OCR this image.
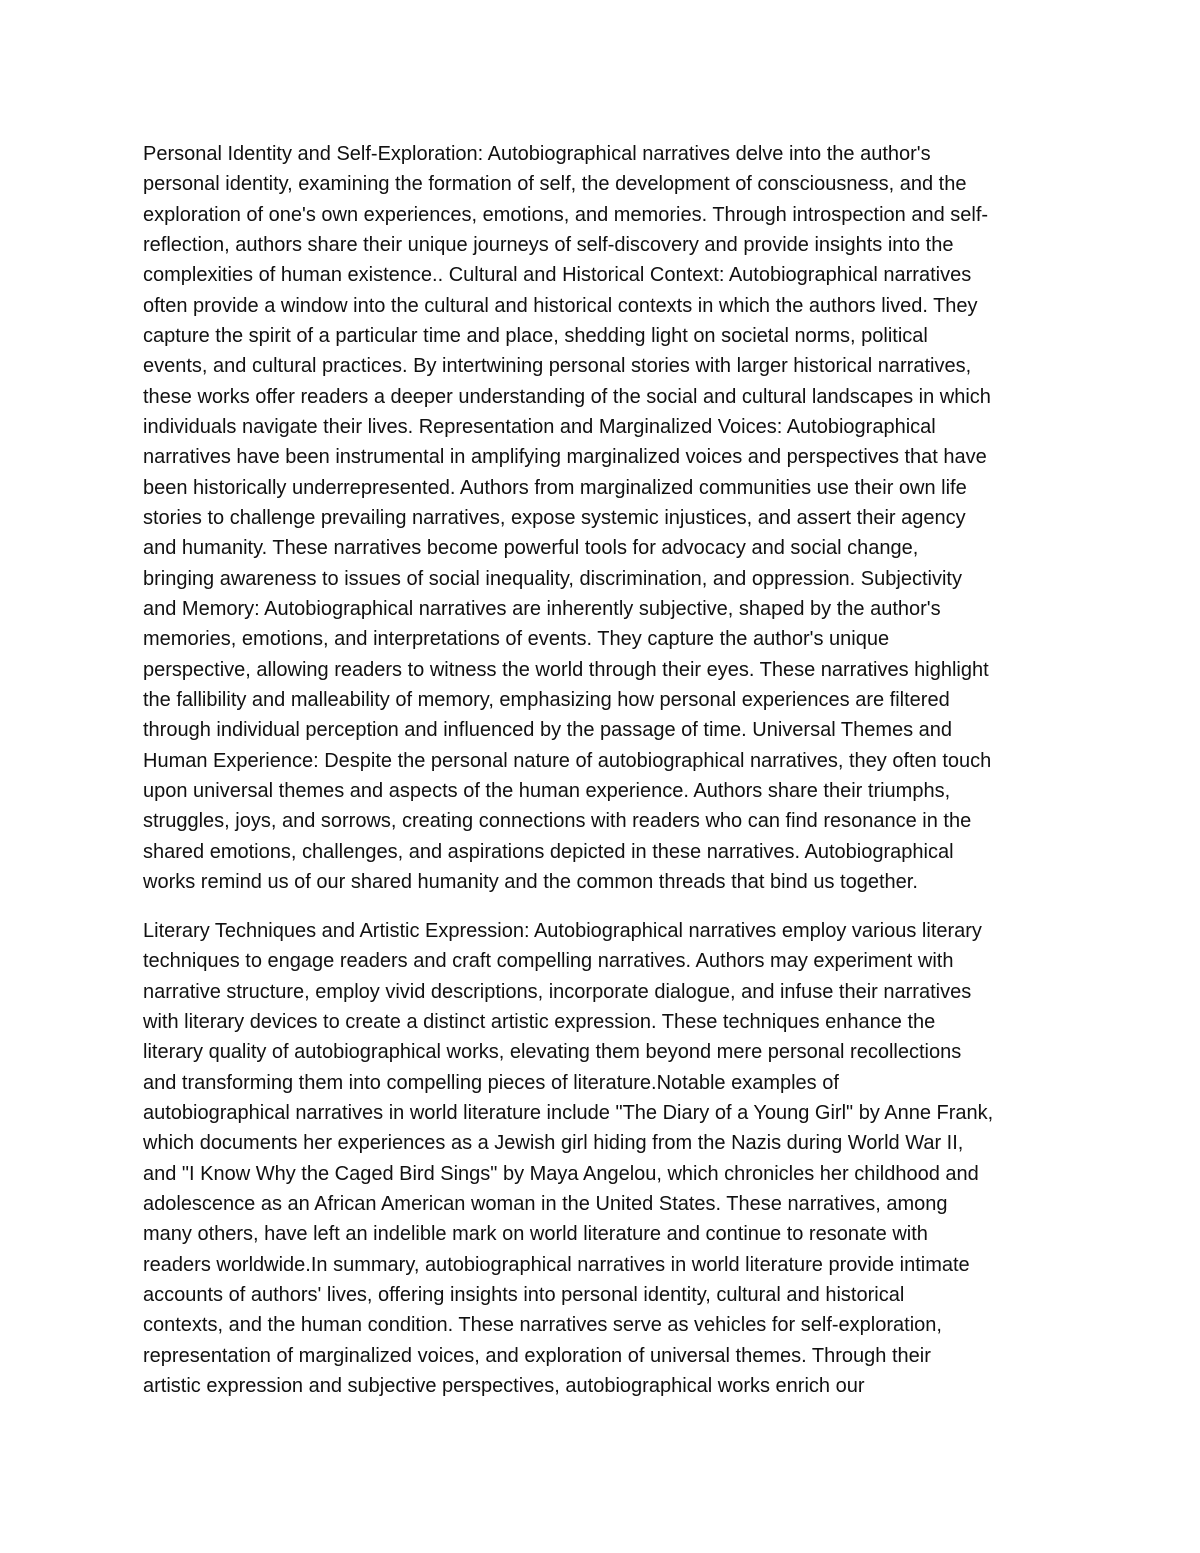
Personal Identity and Self-Exploration: Autobiographical narratives delve into the author's

personal identity, examining the formation of self, the development of consciousness, and the

exploration of one's own experiences, emotions, and memories. Through introspection and self-

reflection, authors share their unique journeys of self-discovery and provide insights into the

complexities of human existence.. Cultural and Historical Context: Autobiographical narratives

often provide a window into the cultural and historical contexts in which the authors lived. They

capture the spirit of a particular time and place, shedding light on societal norms, political

events, and cultural practices. By intertwining personal stories with larger historical narratives,

these works offer readers a deeper understanding of the social and cultural landscapes in which

individuals navigate their lives. Representation and Marginalized Voices: Autobiographical

narratives have been instrumental in amplifying marginalized voices and perspectives that have

been historically underrepresented. Authors from marginalized communities use their own life

stories to challenge prevailing narratives, expose systemic injustices, and assert their agency

and humanity. These narratives become powerful tools for advocacy and social change,

bringing awareness to issues of social inequality, discrimination, and oppression. Subjectivity

and Memory: Autobiographical narratives are inherently subjective, shaped by the author's

memories, emotions, and interpretations of events. They capture the author's unique

perspective, allowing readers to witness the world through their eyes. These narratives highlight

the fallibility and malleability of memory, emphasizing how personal experiences are filtered

through individual perception and influenced by the passage of time. Universal Themes and

Human Experience: Despite the personal nature of autobiographical narratives, they often touch

upon universal themes and aspects of the human experience. Authors share their triumphs,

struggles, joys, and sorrows, creating connections with readers who can find resonance in the

shared emotions, challenges, and aspirations depicted in these narratives. Autobiographical

works remind us of our shared humanity and the common threads that bind us together.

Literary Techniques and Artistic Expression: Autobiographical narratives employ various literary

techniques to engage readers and craft compelling narratives. Authors may experiment with

narrative structure, employ vivid descriptions, incorporate dialogue, and infuse their narratives

with literary devices to create a distinct artistic expression. These techniques enhance the

literary quality of autobiographical works, elevating them beyond mere personal recollections

and transforming them into compelling pieces of literature.Notable examples of

autobiographical narratives in world literature include "The Diary of a Young Girl" by Anne Frank,

which documents her experiences as a Jewish girl hiding from the Nazis during World War II,

and "I Know Why the Caged Bird Sings" by Maya Angelou, which chronicles her childhood and

adolescence as an African American woman in the United States. These narratives, among

many others, have left an indelible mark on world literature and continue to resonate with

readers worldwide.In summary, autobiographical narratives in world literature provide intimate

accounts of authors' lives, offering insights into personal identity, cultural and historical

contexts, and the human condition. These narratives serve as vehicles for self-exploration,

representation of marginalized voices, and exploration of universal themes. Through their

artistic expression and subjective perspectives, autobiographical works enrich our
